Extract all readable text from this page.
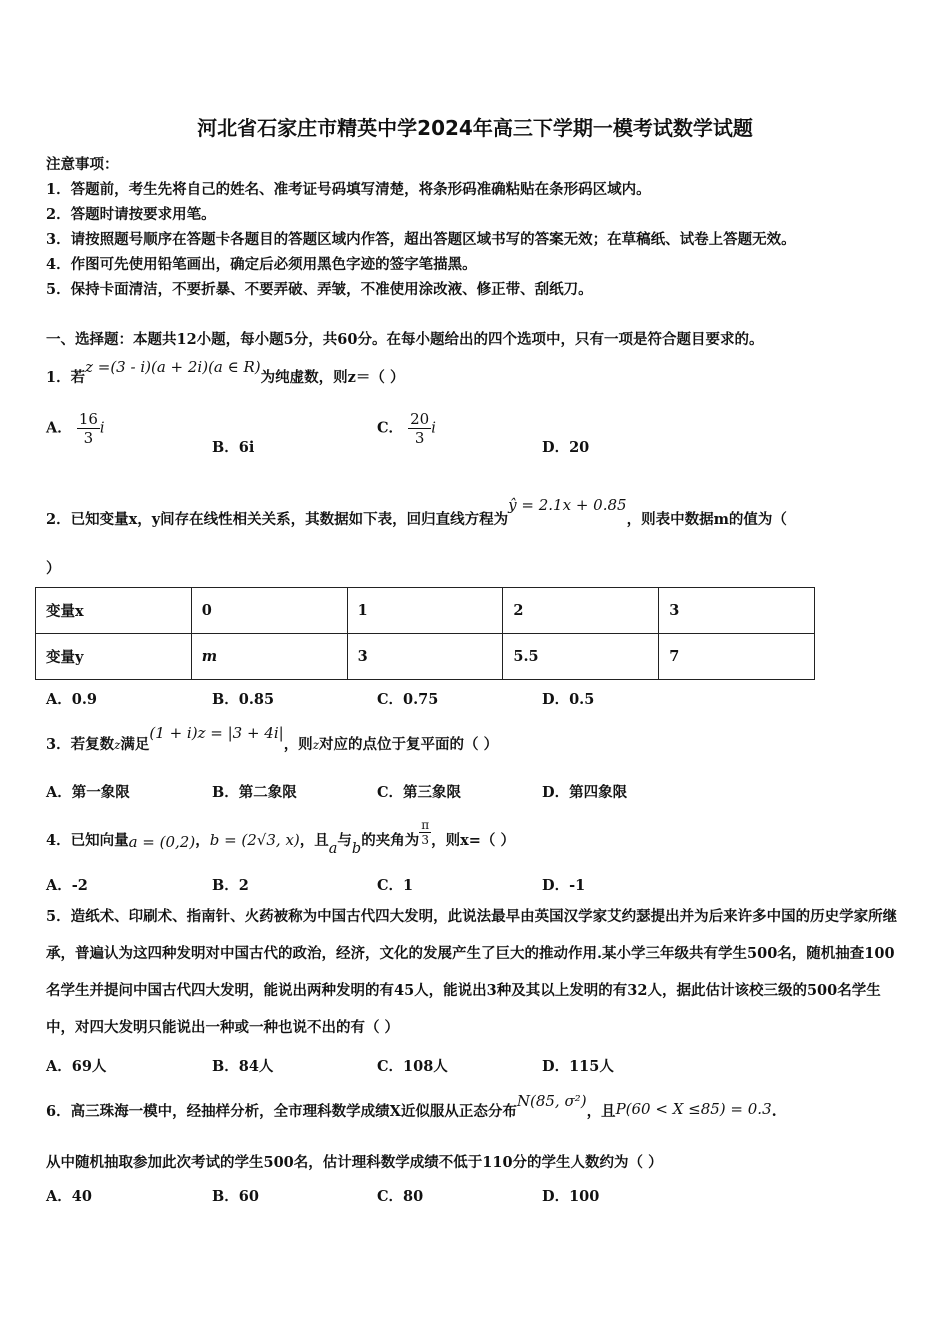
河北省石家庄市精英中学2024年高三下学期一模考试数学试题
注意事项：
1．答题前，考生先将自己的姓名、准考证号码填写清楚，将条形码准确粘贴在条形码区域内。
2．答题时请按要求用笔。
3．请按照题号顺序在答题卡各题目的答题区域内作答，超出答题区域书写的答案无效；在草稿纸、试卷上答题无效。
4．作图可先使用铅笔画出，确定后必须用黑色字迹的签字笔描黑。
5．保持卡面清洁，不要折暴、不要弄破、弄皱，不准使用涂改液、修正带、刮纸刀。
一、选择题：本题共12小题，每小题5分，共60分。在每小题给出的四个选项中，只有一项是符合题目要求的。
1．若z =(3 - i)(a + 2i)(a ∈ R)为纯虚数，则z＝（ ）
A． $\frac{16}{3}$ i
B．6i
C． $\frac{20}{3}$ i
D．20
2．已知变量x，y间存在线性相关关系，其数据如下表，回归直线方程为ŷ = 2.1x + 0.85，则表中数据m的值为（
）
变量x	0	1	2	3
变量y	m	3	5.5	7
A．0.9	B．0.85	C．0.75	D．0.5
3．若复数$_z$满足(1 + i)z = |3 + 4i|，则$_z$对应的点位于复平面的（ ）
A．第一象限	B．第二象限	C．第三象限	D．第四象限
4．已知向量a = (0,2)，b = (2√3, x)，且a与b的夹角为 $\frac{\pi}{3}$ ，则x=（ ）
A．-2	B．2	C．1	D．-1
5．造纸术、印刷术、指南针、火药被称为中国古代四大发明，此说法最早由英国汉学家艾约瑟提出并为后来许多中国的历史学家所继承，普遍认为这四种发明对中国古代的政治，经济，文化的发展产生了巨大的推动作用.某小学三年级共有学生500名，随机抽查100名学生并提问中国古代四大发明，能说出两种发明的有45人，能说出3种及其以上发明的有32人，据此估计该校三级的500名学生中，对四大发明只能说出一种或一种也说不出的有（ ）
A．69人	B．84人	C．108人	D．115人
6．高三珠海一模中，经抽样分析，全市理科数学成绩X近似服从正态分布N(85, σ²)，且P(60 < X ≤85) = 0.3.
从中随机抽取参加此次考试的学生500名，估计理科数学成绩不低于110分的学生人数约为（ ）
A．40	B．60	C．80	D．100
